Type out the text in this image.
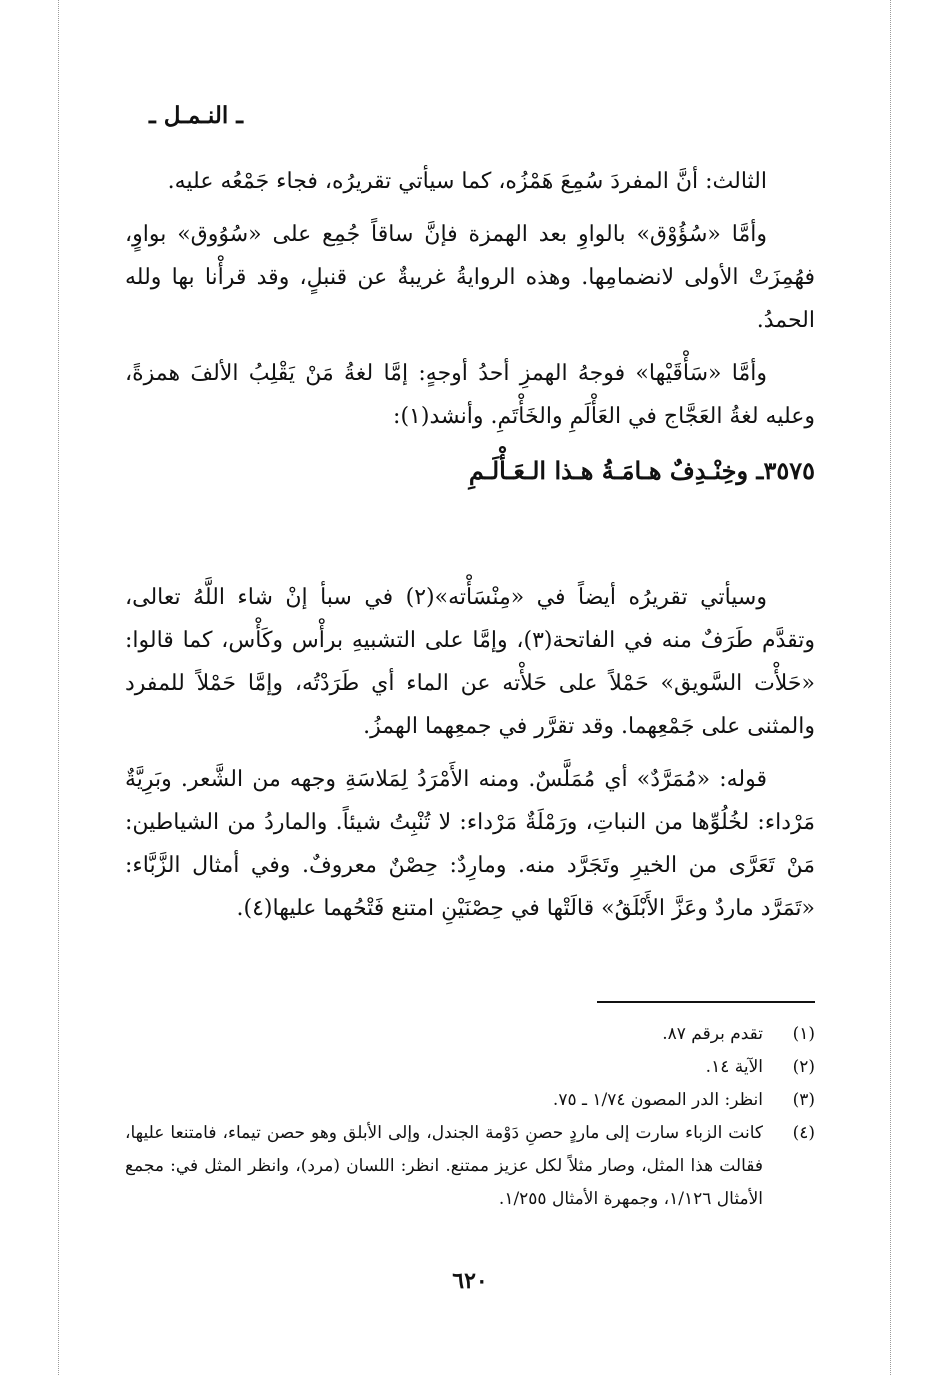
ـ النـمـل ـ

الثالث: أنَّ المفردَ سُمِعَ هَمْزُه، كما سيأتي تقريرُه، فجاء جَمْعُه عليه.

وأمَّا «سُؤُوْق» بالواوِ بعد الهمزة فإنَّ ساقاً جُمِع على «سُوُوق» بواوٍ، فهُمِزَتْ الأولى لانضمامِها. وهذه الروايةُ غريبةٌ عن قنبلٍ، وقد قرأْنا بها ولله الحمدُ.

وأمَّا «سَأْقَيْها» فوجهُ الهمزِ أحدُ أوجهٍ: إمَّا لغةُ مَنْ يَقْلِبُ الألفَ همزةً، وعليه لغةُ العَجَّاج في العَأْلَمِ والخَأْتَمِ. وأنشد(١):

٣٥٧٥ـ وخِنْـدِفٌ هـامَـةُ هـذا الـعَـأْلَـمِ

وسيأتي تقريرُه أيضاً في «مِنْسَأْته»(٢) في سبأ إنْ شاء اللَّهُ تعالى، وتقدَّم طَرَفٌ منه في الفاتحة(٣)، وإمَّا على التشبيهِ برأْس وكَأْس، كما قالوا: «حَلأْت السَّويق» حَمْلاً على حَلأْته عن الماء أي طَرَدْتُه، وإمَّا حَمْلاً للمفرد والمثنى على جَمْعِهما. وقد تقرَّر في جمعِهما الهمزُ.

قوله: «مُمَرَّدٌ» أي مُمَلَّسٌ. ومنه الأَمْرَدُ لِمَلاسَةِ وجهه من الشَّعر. وبَرِيَّةٌ مَرْداء: لخُلُوِّها من النباتِ، ورَمْلَةٌ مَرْداء: لا تُنْبِتُ شيئاً. والماردُ من الشياطين: مَنْ تَعَرَّى من الخيرِ وتَجَرَّد منه. ومارِدٌ: حِصْنٌ معروفٌ. وفي أمثال الزَّبَّاء: «تَمَرَّد ماردٌ وعَزَّ الأَبْلَقُ» قالَتْها في حِصْنَيْنِ امتنع فَتْحُهما عليها(٤).

(١)
تقدم برقم ٨٧.
(٢)
الآية ١٤.
(٣)
انظر: الدر المصون ١/٧٤ ـ ٧٥.
(٤)
كانت الزباء سارت إلى ماردٍ حصنِ دَوْمة الجندل، وإلى الأبلق وهو حصن تيماء، فامتنعا عليها، فقالت هذا المثل، وصار مثلاً لكل عزيز ممتنع. انظر: اللسان (مرد)، وانظر المثل في: مجمع الأمثال ١/١٢٦، وجمهرة الأمثال ١/٢٥٥.
٦٢٠
